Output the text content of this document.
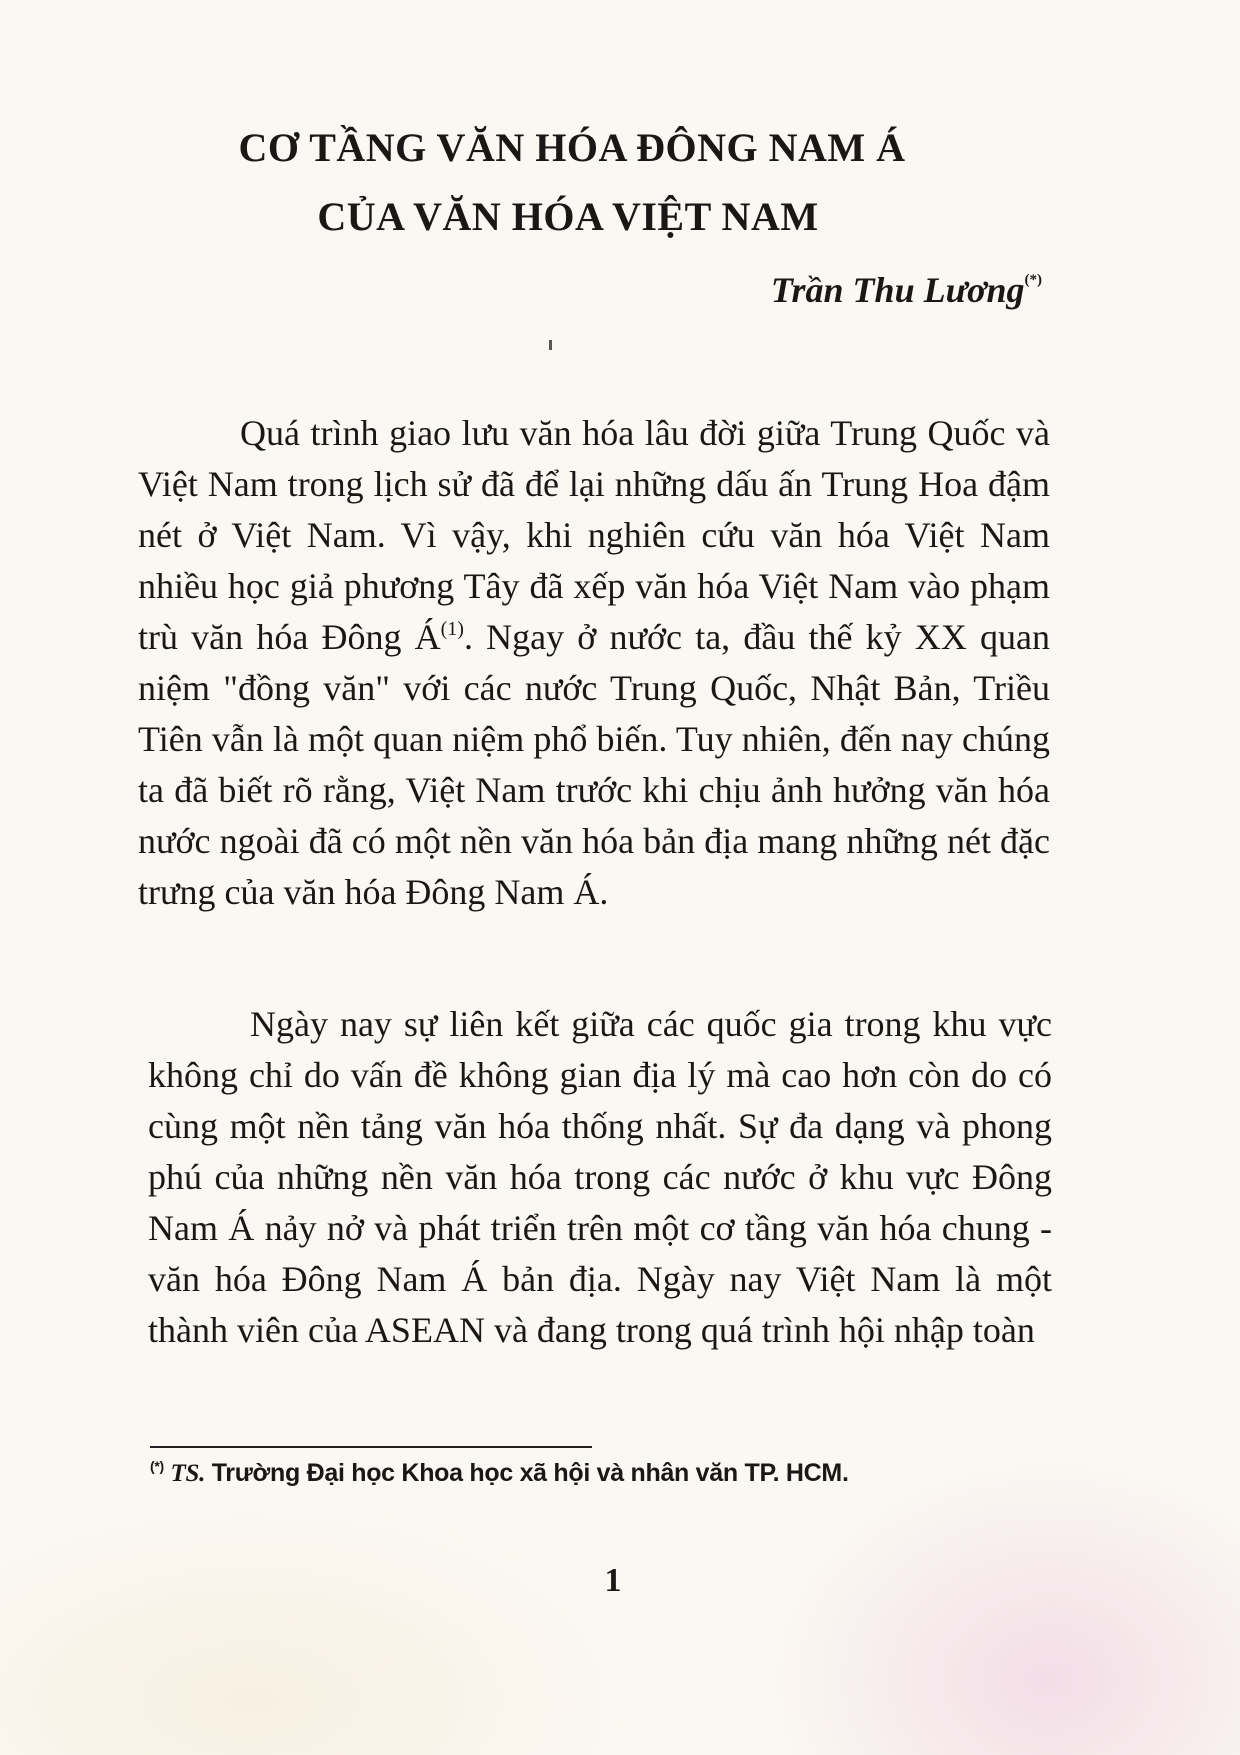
CƠ TẦNG VĂN HÓA ĐÔNG NAM Á
CỦA VĂN HÓA VIỆT NAM

Trần Thu Lương(*)

Quá trình giao lưu văn hóa lâu đời giữa Trung Quốc và Việt Nam trong lịch sử đã để lại những dấu ấn Trung Hoa đậm nét ở Việt Nam. Vì vậy, khi nghiên cứu văn hóa Việt Nam nhiều học giả phương Tây đã xếp văn hóa Việt Nam vào phạm trù văn hóa Đông $Á^{(1)}$. Ngay ở nước ta, đầu thế kỷ XX quan niệm "đồng văn" với các nước Trung Quốc, Nhật Bản, Triều Tiên vẫn là một quan niệm phổ biến. Tuy nhiên, đến nay chúng ta đã biết rõ rằng, Việt Nam trước khi chịu ảnh hưởng văn hóa nước ngoài đã có một nền văn hóa bản địa mang những nét đặc trưng của văn hóa Đông Nam Á.

Ngày nay sự liên kết giữa các quốc gia trong khu vực không chỉ do vấn đề không gian địa lý mà cao hơn còn do có cùng một nền tảng văn hóa thống nhất. Sự đa dạng và phong phú của những nền văn hóa trong các nước ở khu vực Đông Nam Á nảy nở và phát triển trên một cơ tầng văn hóa chung - văn hóa Đông Nam Á bản địa. Ngày nay Việt Nam là một thành viên của ASEAN và đang trong quá trình hội nhập toàn

(*) TS. Trường Đại học Khoa học xã hội và nhân văn TP. HCM.

1
